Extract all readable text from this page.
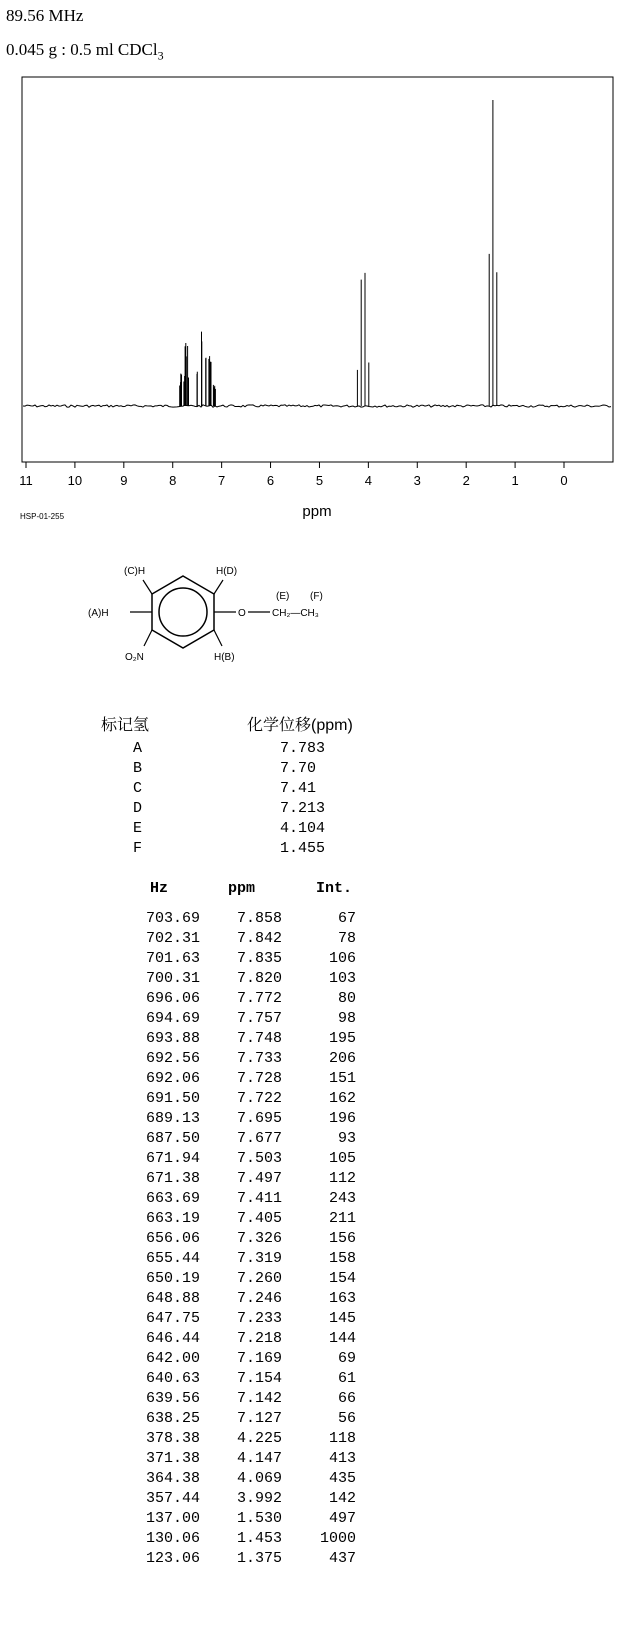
89.56 MHz
0.045 g : 0.5 ml CDCl$_3$
11	10	9	8	7	6	5	4	3	2	1	0
ppm
HSP-01-255
(C)H	H(D)
(A)H	O	CH₂—CH₃
(E) (F)
O₂N	H(B)
标记氢	化学位移(ppm)
A	7.783
B	7.70
C	7.41
D	7.213
E	4.104
F	1.455
Hz	ppm	Int.
703.69 7.858	67
702.31 7.842	78
701.63 7.835	106
700.31 7.820	103
696.06 7.772	80
694.69 7.757	98
693.88 7.748	195
692.56 7.733	206
692.06 7.728	151
691.50 7.722	162
689.13 7.695	196
687.50 7.677	93
671.94 7.503	105
671.38 7.497	112
663.69 7.411	243
663.19 7.405	211
656.06 7.326	156
655.44 7.319	158
650.19 7.260	154
648.88 7.246	163
647.75 7.233	145
646.44 7.218	144
642.00 7.169	69
640.63 7.154	61
639.56 7.142	66
638.25 7.127	56
378.38 4.225	118
371.38 4.147	413
364.38 4.069	435
357.44 3.992	142
137.00 1.530	497
130.06 1.453	1000
123.06 1.375	437
